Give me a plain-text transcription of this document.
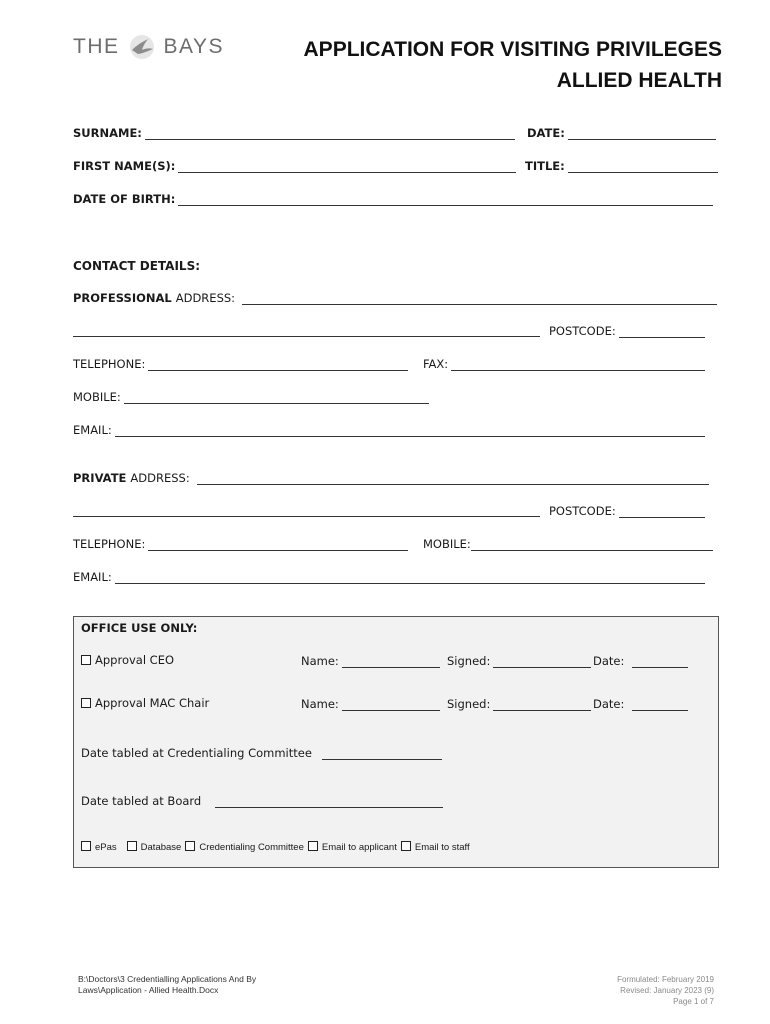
THE BAYS	APPLICATION FOR VISITING PRIVILEGES
ALLIED HEALTH
SURNAME:	DATE:
FIRST NAME(S):	TITLE:
DATE OF BIRTH:
CONTACT DETAILS:
PROFESSIONAL ADDRESS:
POSTCODE:
TELEPHONE:	FAX:
MOBILE:
EMAIL:
PRIVATE ADDRESS:
POSTCODE:
TELEPHONE:	MOBILE:
EMAIL:
OFFICE USE ONLY:
Approval CEO	Name:	Signed:	Date:
Approval MAC Chair	Name:	Signed:	Date:
Date tabled at Credentialing Committee
Date tabled at Board
ePas	Database	Credentialing Committee	Email to applicant	Email to staff
B:\Doctors\3 Credentialling Applications And By
Laws\Application - Allied Health.Docx
Formulated: February 2019
Revised: January 2023 (9)
Page 1 of 7
